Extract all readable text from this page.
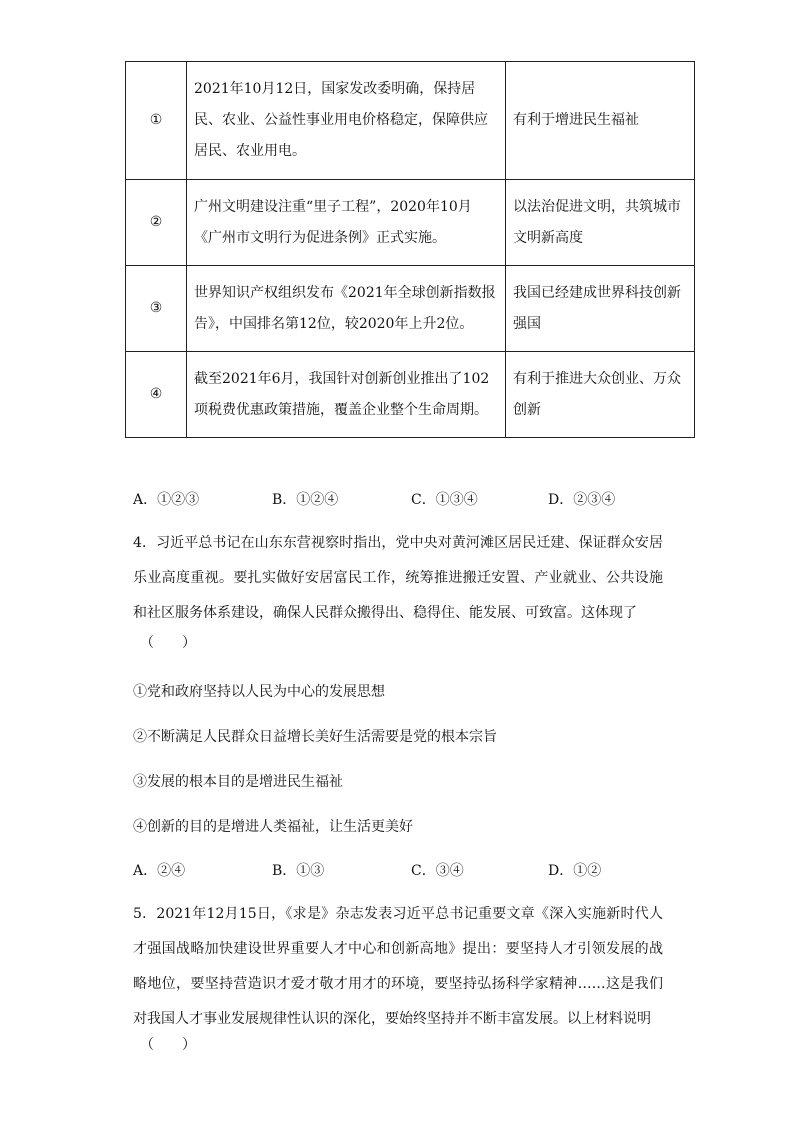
①	2021年10月12日，国家发改委明确，保持居民、农业、公益性事业用电价格稳定，保障供应居民、农业用电。	有利于增进民生福祉
②	广州文明建设注重“里子工程”，2020年10月《广州市文明行为促进条例》正式实施。	以法治促进文明，共筑城市文明新高度
③	世界知识产权组织发布《2021年全球创新指数报告》，中国排名第12位，较2020年上升2位。	我国已经建成世界科技创新强国
④	截至2021年6月，我国针对创新创业推出了102项税费优惠政策措施，覆盖企业整个生命周期。	有利于推进大众创业、万众创新
A．①②③	B．①②④	C．①③④	D．②③④
4．习近平总书记在山东东营视察时指出，党中央对黄河滩区居民迁建、保证群众安居乐业高度重视。要扎实做好安居富民工作，统筹推进搬迁安置、产业就业、公共设施和社区服务体系建设，确保人民群众搬得出、稳得住、能发展、可致富。这体现了
（　　）
①党和政府坚持以人民为中心的发展思想
②不断满足人民群众日益增长美好生活需要是党的根本宗旨
③发展的根本目的是增进民生福祉
④创新的目的是增进人类福祉，让生活更美好
A．②④	B．①③	C．③④	D．①②
5．2021年12月15日，《求是》杂志发表习近平总书记重要文章《深入实施新时代人才强国战略加快建设世界重要人才中心和创新高地》提出：要坚持人才引领发展的战略地位，要坚持营造识才爱才敬才用才的环境，要坚持弘扬科学家精神……这是我们对我国人才事业发展规律性认识的深化，要始终坚持并不断丰富发展。以上材料说明
（　　）
